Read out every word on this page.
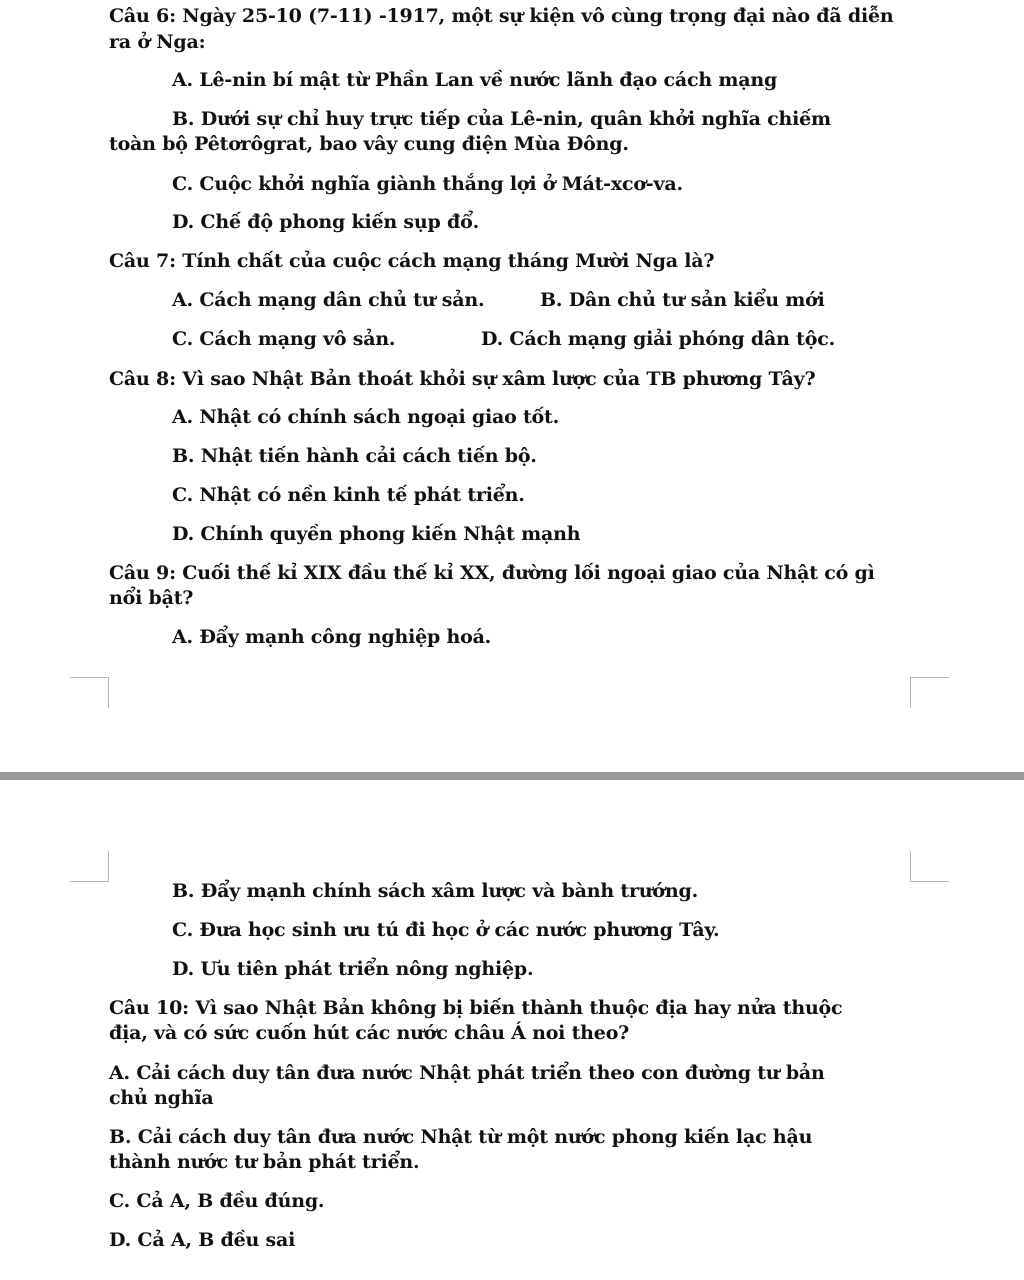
Câu 6: Ngày 25-10 (7-11) -1917, một sự kiện vô cùng trọng đại nào đã diễn
ra ở Nga:
A. Lê-nin bí mật từ Phần Lan về nước lãnh đạo cách mạng
B. Dưới sự chỉ huy trực tiếp của Lê-nin, quân khởi nghĩa chiếm
toàn bộ Pêtơrôgrat, bao vây cung điện Mùa Đông.
C. Cuộc khởi nghĩa giành thắng lợi ở Mát-xcơ-va.
D. Chế độ phong kiến sụp đổ.
Câu 7: Tính chất của cuộc cách mạng tháng Mười Nga là?
A. Cách mạng dân chủ tư sản.	B. Dân chủ tư sản kiểu mới
C. Cách mạng vô sản.	D. Cách mạng giải phóng dân tộc.
Câu 8: Vì sao Nhật Bản thoát khỏi sự xâm lược của TB phương Tây?
A. Nhật có chính sách ngoại giao tốt.
B. Nhật tiến hành cải cách tiến bộ.
C. Nhật có nền kinh tế phát triển.
D. Chính quyền phong kiến Nhật mạnh
Câu 9: Cuối thế kỉ XIX đầu thế kỉ XX, đường lối ngoại giao của Nhật có gì
nổi bật?
A. Đẩy mạnh công nghiệp hoá.
B. Đẩy mạnh chính sách xâm lược và bành trướng.
C. Đưa học sinh ưu tú đi học ở các nước phương Tây.
D. Ưu tiên phát triển nông nghiệp.
Câu 10: Vì sao Nhật Bản không bị biến thành thuộc địa hay nửa thuộc
địa, và có sức cuốn hút các nước châu Á noi theo?
A. Cải cách duy tân đưa nước Nhật phát triển theo con đường tư bản
chủ nghĩa
B. Cải cách duy tân đưa nước Nhật từ một nước phong kiến lạc hậu
thành nước tư bản phát triển.
C. Cả A, B đều đúng.
D. Cả A, B đều sai
